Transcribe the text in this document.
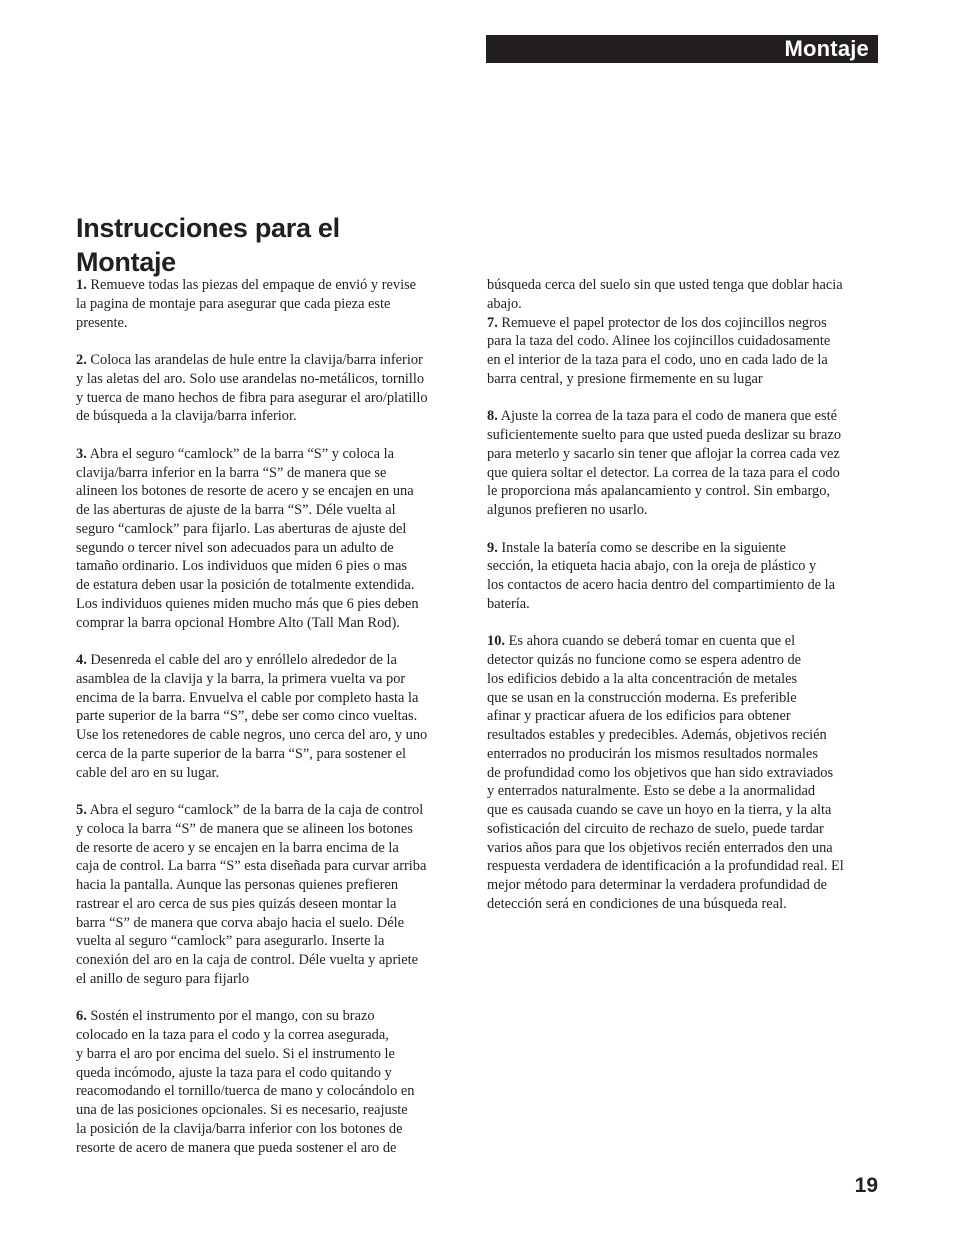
Montaje
Instrucciones para el
Montaje

1. Remueve todas las piezas del empaque de envió y revise
la pagina de montaje para asegurar que cada pieza este
presente.

2. Coloca las arandelas de hule entre la clavija/barra inferior
y las aletas del aro. Solo use arandelas no-metálicos, tornillo
y tuerca de mano hechos de fibra para asegurar el aro/platillo
de búsqueda a la clavija/barra inferior.

3. Abra el seguro “camlock” de la barra “S” y coloca la
clavija/barra inferior en la barra “S” de manera que se
alineen los botones de resorte de acero y se encajen en una
de las aberturas de ajuste de la barra “S”. Déle vuelta al
seguro “camlock” para fijarlo. Las aberturas de ajuste del
segundo o tercer nivel son adecuados para un adulto de
tamaño ordinario. Los individuos que miden 6 pies o mas
de estatura deben usar la posición de totalmente extendida.
Los individuos quienes miden mucho más que 6 pies deben
comprar la barra opcional Hombre Alto (Tall Man Rod).

4. Desenreda el cable del aro y enróllelo alrededor de la
asamblea de la clavija y la barra, la primera vuelta va por
encima de la barra. Envuelva el cable por completo hasta la
parte superior de la barra “S”, debe ser como cinco vueltas.
Use los retenedores de cable negros, uno cerca del aro, y uno
cerca de la parte superior de la barra “S”, para sostener el
cable del aro en su lugar.

5. Abra el seguro “camlock” de la barra de la caja de control
y coloca la barra “S” de manera que se alineen los botones
de resorte de acero y se encajen en la barra encima de la
caja de control. La barra “S” esta diseñada para curvar arriba
hacia la pantalla. Aunque las personas quienes prefieren
rastrear el aro cerca de sus pies quizás deseen montar la
barra “S” de manera que corva abajo hacia el suelo. Déle
vuelta al seguro “camlock” para asegurarlo. Inserte la
conexión del aro en la caja de control. Déle vuelta y apriete
el anillo de seguro para fijarlo

6. Sostén el instrumento por el mango, con su brazo
colocado en la taza para el codo y la correa asegurada,
y barra el aro por encima del suelo. Si el instrumento le
queda incómodo, ajuste la taza para el codo quitando y
reacomodando el tornillo/tuerca de mano y colocándolo en
una de las posiciones opcionales. Si es necesario, reajuste
la posición de la clavija/barra inferior con los botones de
resorte de acero de manera que pueda sostener el aro de

búsqueda cerca del suelo sin que usted tenga que doblar hacia
abajo.

7. Remueve el papel protector de los dos cojincillos negros
para la taza del codo. Alinee los cojincillos cuidadosamente
en el interior de la taza para el codo, uno en cada lado de la
barra central, y presione firmemente en su lugar

8. Ajuste la correa de la taza para el codo de manera que esté
suficientemente suelto para que usted pueda deslizar su brazo
para meterlo y sacarlo sin tener que aflojar la correa cada vez
que quiera soltar el detector. La correa de la taza para el codo
le proporciona más apalancamiento y control. Sin embargo,
algunos prefieren no usarlo.

9. Instale la batería como se describe en la siguiente
sección, la etiqueta hacia abajo, con la oreja de plástico y
los contactos de acero hacia dentro del compartimiento de la
batería.

10. Es ahora cuando se deberá tomar en cuenta que el
detector quizás no funcione como se espera adentro de
los edificios debido a la alta concentración de metales
que se usan en la construcción moderna. Es preferible
afinar y practicar afuera de los edificios para obtener
resultados estables y predecibles. Además, objetivos recién
enterrados no producirán los mismos resultados normales
de profundidad como los objetivos que han sido extraviados
y enterrados naturalmente. Esto se debe a la anormalidad
que es causada cuando se cave un hoyo en la tierra, y la alta
sofisticación del circuito de rechazo de suelo, puede tardar
varios años para que los objetivos recién enterrados den una
respuesta verdadera de identificación a la profundidad real. El
mejor método para determinar la verdadera profundidad de
detección será en condiciones de una búsqueda real.

19
